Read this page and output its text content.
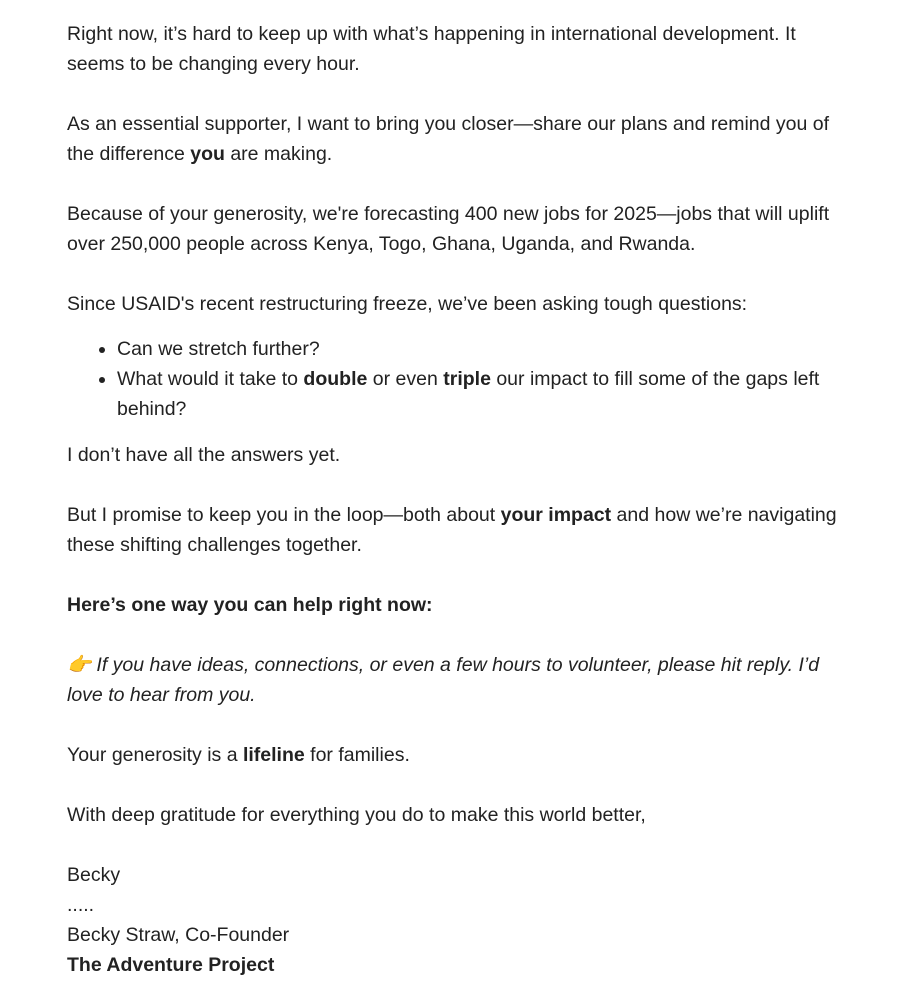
Right now, it’s hard to keep up with what’s happening in international development. It seems to be changing every hour.

As an essential supporter, I want to bring you closer—share our plans and remind you of the difference you are making.

Because of your generosity, we're forecasting 400 new jobs for 2025—jobs that will uplift over 250,000 people across Kenya, Togo, Ghana, Uganda, and Rwanda.

Since USAID's recent restructuring freeze, we’ve been asking tough questions:

• Can we stretch further?
• What would it take to double or even triple our impact to fill some of the gaps left behind?

I don’t have all the answers yet.

But I promise to keep you in the loop—both about your impact and how we’re navigating these shifting challenges together.

Here’s one way you can help right now:

👉 If you have ideas, connections, or even a few hours to volunteer, please hit reply. I’d love to hear from you.

Your generosity is a lifeline for families.

With deep gratitude for everything you do to make this world better,

Becky

.....

Becky Straw, Co-Founder

The Adventure Project
